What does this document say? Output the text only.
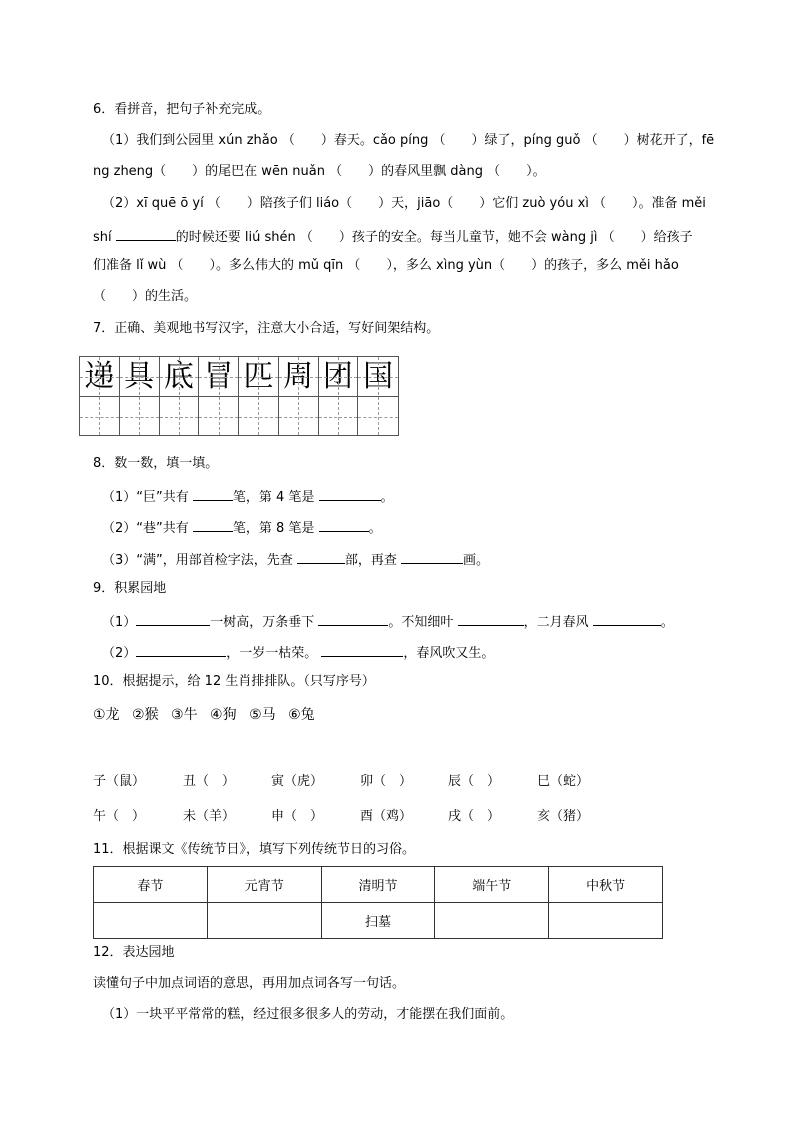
6．看拼音，把句子补充完成。
（1）我们到公园里 xún zhǎo （　　）春天。cǎo píng （　　）绿了，píng guǒ （　　）树花开了，fē
ng zheng（　　）的尾巴在 wēn nuǎn （　　）的春风里飘 dàng （　　）。
（2）xī quē ō yí （　　）陪孩子们 liáo（　　）天，jiāo（　　）它们 zuò yóu xì （　　）。准备 měi
shí	的时候还要 liú shén （　　）孩子的安全。每当儿童节，她不会 wàng jì （　　）给孩子
们准备 lǐ wù （　　）。多么伟大的 mǔ qīn （　　），多么 xìng yùn（　　）的孩子，多么 měi hǎo
（　　）的生活。
7．正确、美观地书写汉字，注意大小合适，写好间架结构。
递 具 底 冒 匹 周 团 国
8．数一数，填一填。
（1）“巨”共有	笔，第 4 笔是	。
（2）“巷”共有	笔，第 8 笔是	。
（3）“满”，用部首检字法，先查	部，再查	画。
9．积累园地
（1）	一树高，万条垂下	。不知细叶	，二月春风	。
（2）	，一岁一枯荣。	，春风吹又生。
10．根据提示，给 12 生肖排排队。（只写序号）
①龙 ②猴 ③牛 ④狗 ⑤马 ⑥兔
子（鼠）	丑（　）	寅（虎）	卯（　）	辰（　）	巳（蛇）
午（　）	未（羊）	申（　）	酉（鸡）	戌（　）	亥（猪）
11．根据课文《传统节日》，填写下列传统节日的习俗。
春节	元宵节	清明节	端午节	中秋节
		扫墓		
12．表达园地
读懂句子中加点词语的意思，再用加点词各写一句话。
（1）一块平平常常的糕，经过很多很多人的劳动，才能摆在我们面前。
